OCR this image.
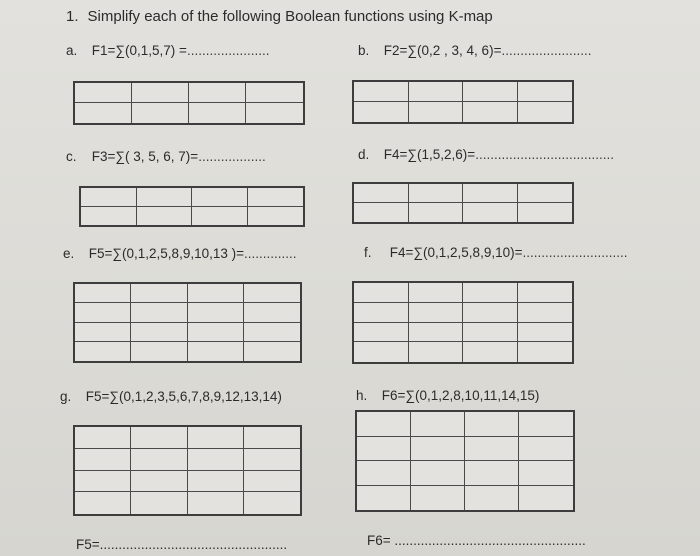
1. Simplify each of the following Boolean functions using K-map
a. F1=∑(0,1,5,7) =......................	b. F2=∑(0,2 , 3, 4, 6)=........................
c. F3=∑( 3, 5, 6, 7)=..................	d. F4=∑(1,5,2,6)=.....................................
e. F5=∑(0,1,2,5,8,9,10,13 )=..............	f. F4=∑(0,1,2,5,8,9,10)=............................
g. F5=∑(0,1,2,3,5,6,7,8,9,12,13,14)	h. F6=∑(0,1,2,8,10,11,14,15)
F5=..................................................	F6= ...................................................
